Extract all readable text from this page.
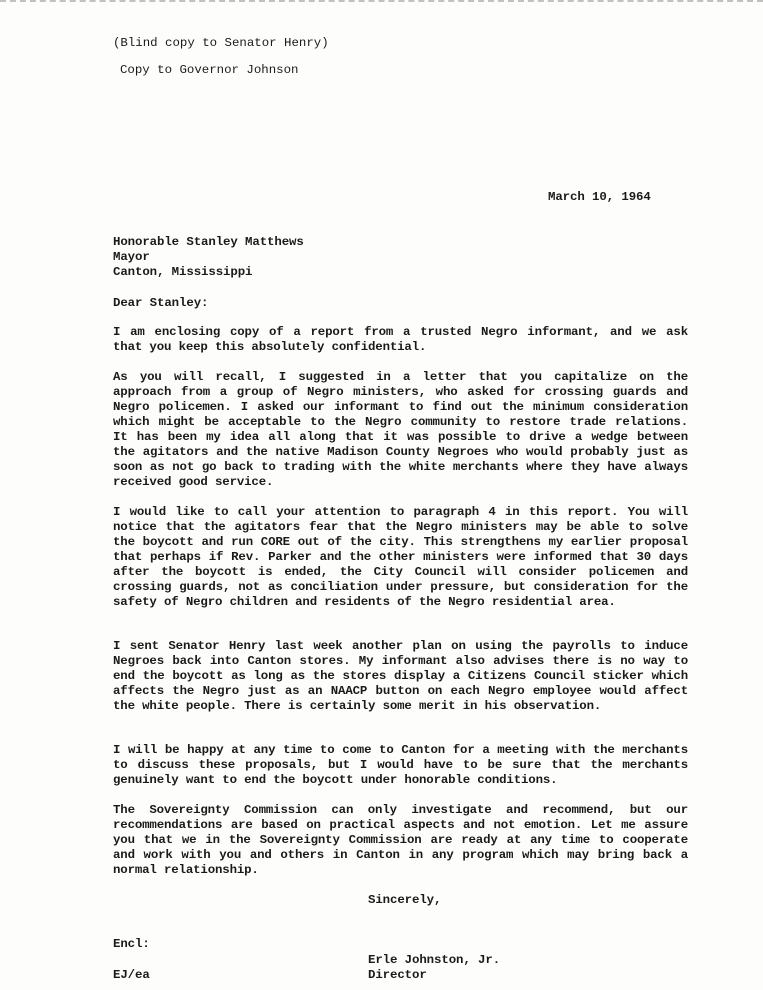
(Blind copy to Senator Henry)
Copy to Governor Johnson
March 10, 1964
Honorable Stanley Matthews
Mayor
Canton, Mississippi
Dear Stanley:

I am enclosing copy of a report from a trusted Negro informant, and we ask that you keep this absolutely confidential.

As you will recall, I suggested in a letter that you capitalize on the approach from a group of Negro ministers, who asked for crossing guards and Negro policemen. I asked our informant to find out the minimum consideration which might be acceptable to the Negro community to restore trade relations. It has been my idea all along that it was possible to drive a wedge between the agitators and the native Madison County Negroes who would probably just as soon as not go back to trading with the white merchants where they have always received good service.

I would like to call your attention to paragraph 4 in this report. You will notice that the agitators fear that the Negro ministers may be able to solve the boycott and run CORE out of the city. This strengthens my earlier proposal that perhaps if Rev. Parker and the other ministers were informed that 30 days after the boycott is ended, the City Council will consider policemen and crossing guards, not as conciliation under pressure, but consideration for the safety of Negro children and residents of the Negro residential area.

I sent Senator Henry last week another plan on using the payrolls to induce Negroes back into Canton stores. My informant also advises there is no way to end the boycott as long as the stores display a Citizens Council sticker which affects the Negro just as an NAACP button on each Negro employee would affect the white people. There is certainly some merit in his observation.

I will be happy at any time to come to Canton for a meeting with the merchants to discuss these proposals, but I would have to be sure that the merchants genuinely want to end the boycott under honorable conditions.

The Sovereignty Commission can only investigate and recommend, but our recommendations are based on practical aspects and not emotion. Let me assure you that we in the Sovereignty Commission are ready at any time to cooperate and work with you and others in Canton in any program which may bring back a normal relationship.

Sincerely,
Encl:
Erle Johnston, Jr.
Director
EJ/ea
